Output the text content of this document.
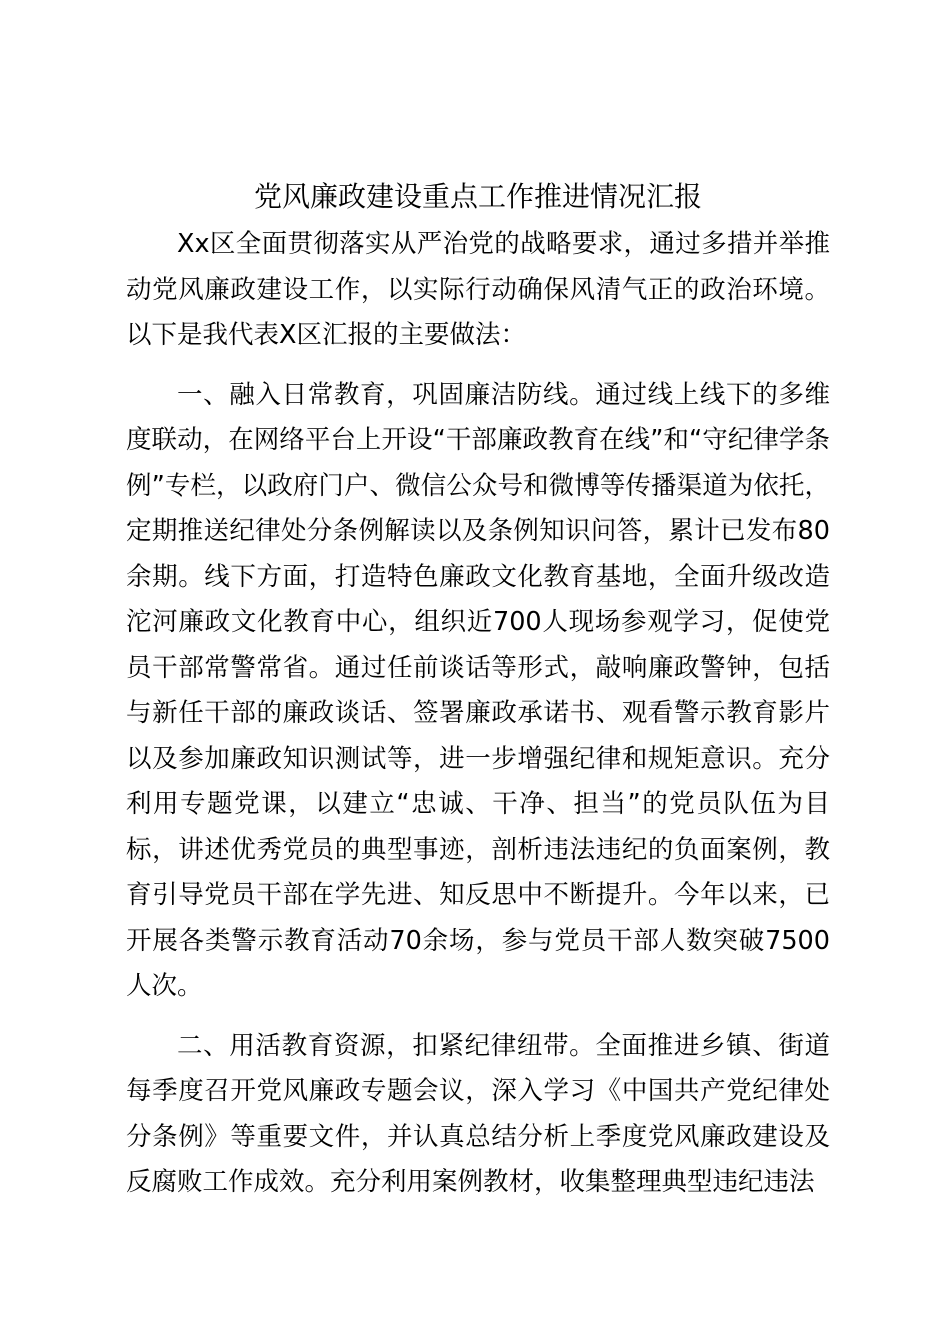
党风廉政建设重点工作推进情况汇报

Xx区全面贯彻落实从严治党的战略要求，通过多措并举推动党风廉政建设工作，以实际行动确保风清气正的政治环境。以下是我代表X区汇报的主要做法：

一、融入日常教育，巩固廉洁防线。通过线上线下的多维度联动，在网络平台上开设“干部廉政教育在线”和“守纪律学条例”专栏，以政府门户、微信公众号和微博等传播渠道为依托，定期推送纪律处分条例解读以及条例知识问答，累计已发布80余期。线下方面，打造特色廉政文化教育基地，全面升级改造沱河廉政文化教育中心，组织近700人现场参观学习，促使党员干部常警常省。通过任前谈话等形式，敲响廉政警钟，包括与新任干部的廉政谈话、签署廉政承诺书、观看警示教育影片以及参加廉政知识测试等，进一步增强纪律和规矩意识。充分利用专题党课，以建立“忠诚、干净、担当”的党员队伍为目标，讲述优秀党员的典型事迹，剖析违法违纪的负面案例，教育引导党员干部在学先进、知反思中不断提升。今年以来，已开展各类警示教育活动70余场，参与党员干部人数突破7500人次。

二、用活教育资源，扣紧纪律纽带。全面推进乡镇、街道每季度召开党风廉政专题会议，深入学习《中国共产党纪律处分条例》等重要文件，并认真总结分析上季度党风廉政建设及反腐败工作成效。充分利用案例教材，收集整理典型违纪违法
